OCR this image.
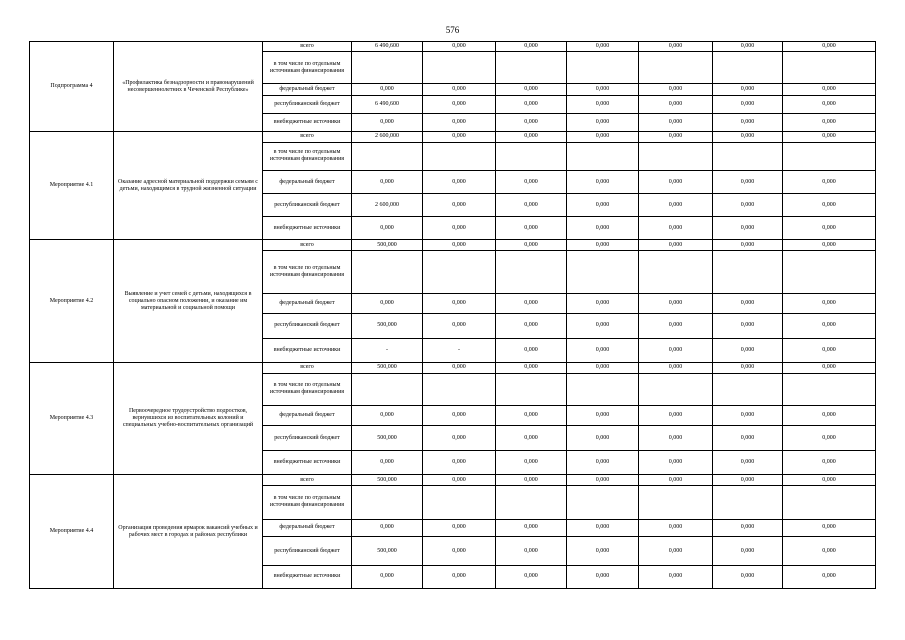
576
Подпрограмма 4	«Профилактика безнадзорности и правонарушений несовершеннолетних в Чеченской Республике»	всего	6 490,600	0,000	0,000	0,000	0,000	0,000	0,000
		в том числе по отдельным источникам финансирования							
		федеральный бюджет	0,000	0,000	0,000	0,000	0,000	0,000	0,000
		республиканский бюджет	6 490,600	0,000	0,000	0,000	0,000	0,000	0,000
		внебюджетные источники	0,000	0,000	0,000	0,000	0,000	0,000	0,000
Мероприятие 4.1	Оказание адресной материальной поддержки семьям с детьми, находящимся в трудной жизненной ситуации	всего	2 600,000	0,000	0,000	0,000	0,000	0,000	0,000
		в том числе по отдельным источникам финансирования							
		федеральный бюджет	0,000	0,000	0,000	0,000	0,000	0,000	0,000
		республиканский бюджет	2 600,000	0,000	0,000	0,000	0,000	0,000	0,000
		внебюджетные источники	0,000	0,000	0,000	0,000	0,000	0,000	0,000
Мероприятие 4.2	Выявление и учет семей с детьми, находящихся в социально опасном положении, и оказание им материальной и социальной помощи	всего	500,000	0,000	0,000	0,000	0,000	0,000	0,000
		в том числе по отдельным источникам финансирования							
		федеральный бюджет	0,000	0,000	0,000	0,000	0,000	0,000	0,000
		республиканский бюджет	500,000	0,000	0,000	0,000	0,000	0,000	0,000
		внебюджетные источники	-	-	0,000	0,000	0,000	0,000	0,000
Мероприятие 4.3	Первоочередное трудоустройство подростков, вернувшихся из воспитательных колоний и специальных учебно-воспитательных организаций	всего	500,000	0,000	0,000	0,000	0,000	0,000	0,000
		в том числе по отдельным источникам финансирования							
		федеральный бюджет	0,000	0,000	0,000	0,000	0,000	0,000	0,000
		республиканский бюджет	500,000	0,000	0,000	0,000	0,000	0,000	0,000
		внебюджетные источники	0,000	0,000	0,000	0,000	0,000	0,000	0,000
Мероприятие 4.4	Организация проведения ярмарок вакансий учебных и рабочих мест в городах и районах республики	всего	500,000	0,000	0,000	0,000	0,000	0,000	0,000
		в том числе по отдельным источникам финансирования							
		федеральный бюджет	0,000	0,000	0,000	0,000	0,000	0,000	0,000
		республиканский бюджет	500,000	0,000	0,000	0,000	0,000	0,000	0,000
		внебюджетные источники	0,000	0,000	0,000	0,000	0,000	0,000	0,000
